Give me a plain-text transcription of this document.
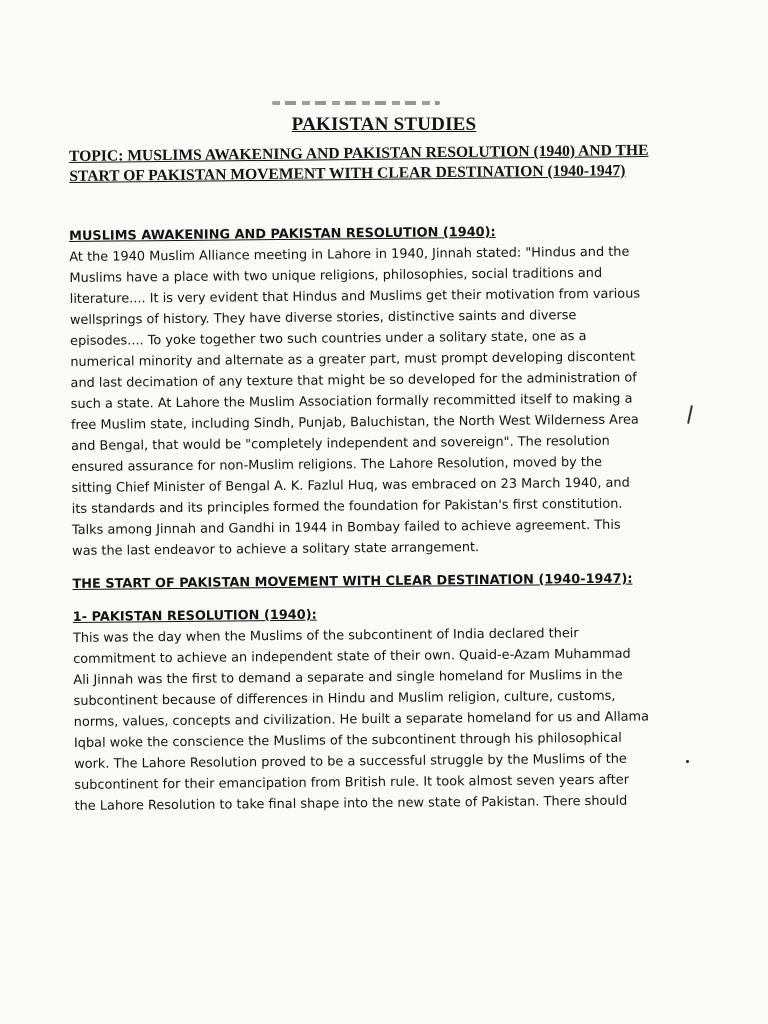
PAKISTAN STUDIES
TOPIC: MUSLIMS AWAKENING AND PAKISTAN RESOLUTION (1940) AND THE START OF PAKISTAN MOVEMENT WITH CLEAR DESTINATION (1940-1947)
MUSLIMS AWAKENING AND PAKISTAN RESOLUTION (1940):
At the 1940 Muslim Alliance meeting in Lahore in 1940, Jinnah stated: "Hindus and the
Muslims have a place with two unique religions, philosophies, social traditions and
literature.... It is very evident that Hindus and Muslims get their motivation from various
wellsprings of history. They have diverse stories, distinctive saints and diverse
episodes.... To yoke together two such countries under a solitary state, one as a
numerical minority and alternate as a greater part, must prompt developing discontent
and last decimation of any texture that might be so developed for the administration of
such a state. At Lahore the Muslim Association formally recommitted itself to making a
free Muslim state, including Sindh, Punjab, Baluchistan, the North West Wilderness Area
and Bengal, that would be "completely independent and sovereign". The resolution
ensured assurance for non-Muslim religions. The Lahore Resolution, moved by the
sitting Chief Minister of Bengal A. K. Fazlul Huq, was embraced on 23 March 1940, and
its standards and its principles formed the foundation for Pakistan's first constitution.
Talks among Jinnah and Gandhi in 1944 in Bombay failed to achieve agreement. This
was the last endeavor to achieve a solitary state arrangement.
THE START OF PAKISTAN MOVEMENT WITH CLEAR DESTINATION (1940-1947):
1- PAKISTAN RESOLUTION (1940):
This was the day when the Muslims of the subcontinent of India declared their
commitment to achieve an independent state of their own. Quaid-e-Azam Muhammad
Ali Jinnah was the first to demand a separate and single homeland for Muslims in the
subcontinent because of differences in Hindu and Muslim religion, culture, customs,
norms, values, concepts and civilization. He built a separate homeland for us and Allama
Iqbal woke the conscience the Muslims of the subcontinent through his philosophical
work. The Lahore Resolution proved to be a successful struggle by the Muslims of the
subcontinent for their emancipation from British rule. It took almost seven years after
the Lahore Resolution to take final shape into the new state of Pakistan. There should
